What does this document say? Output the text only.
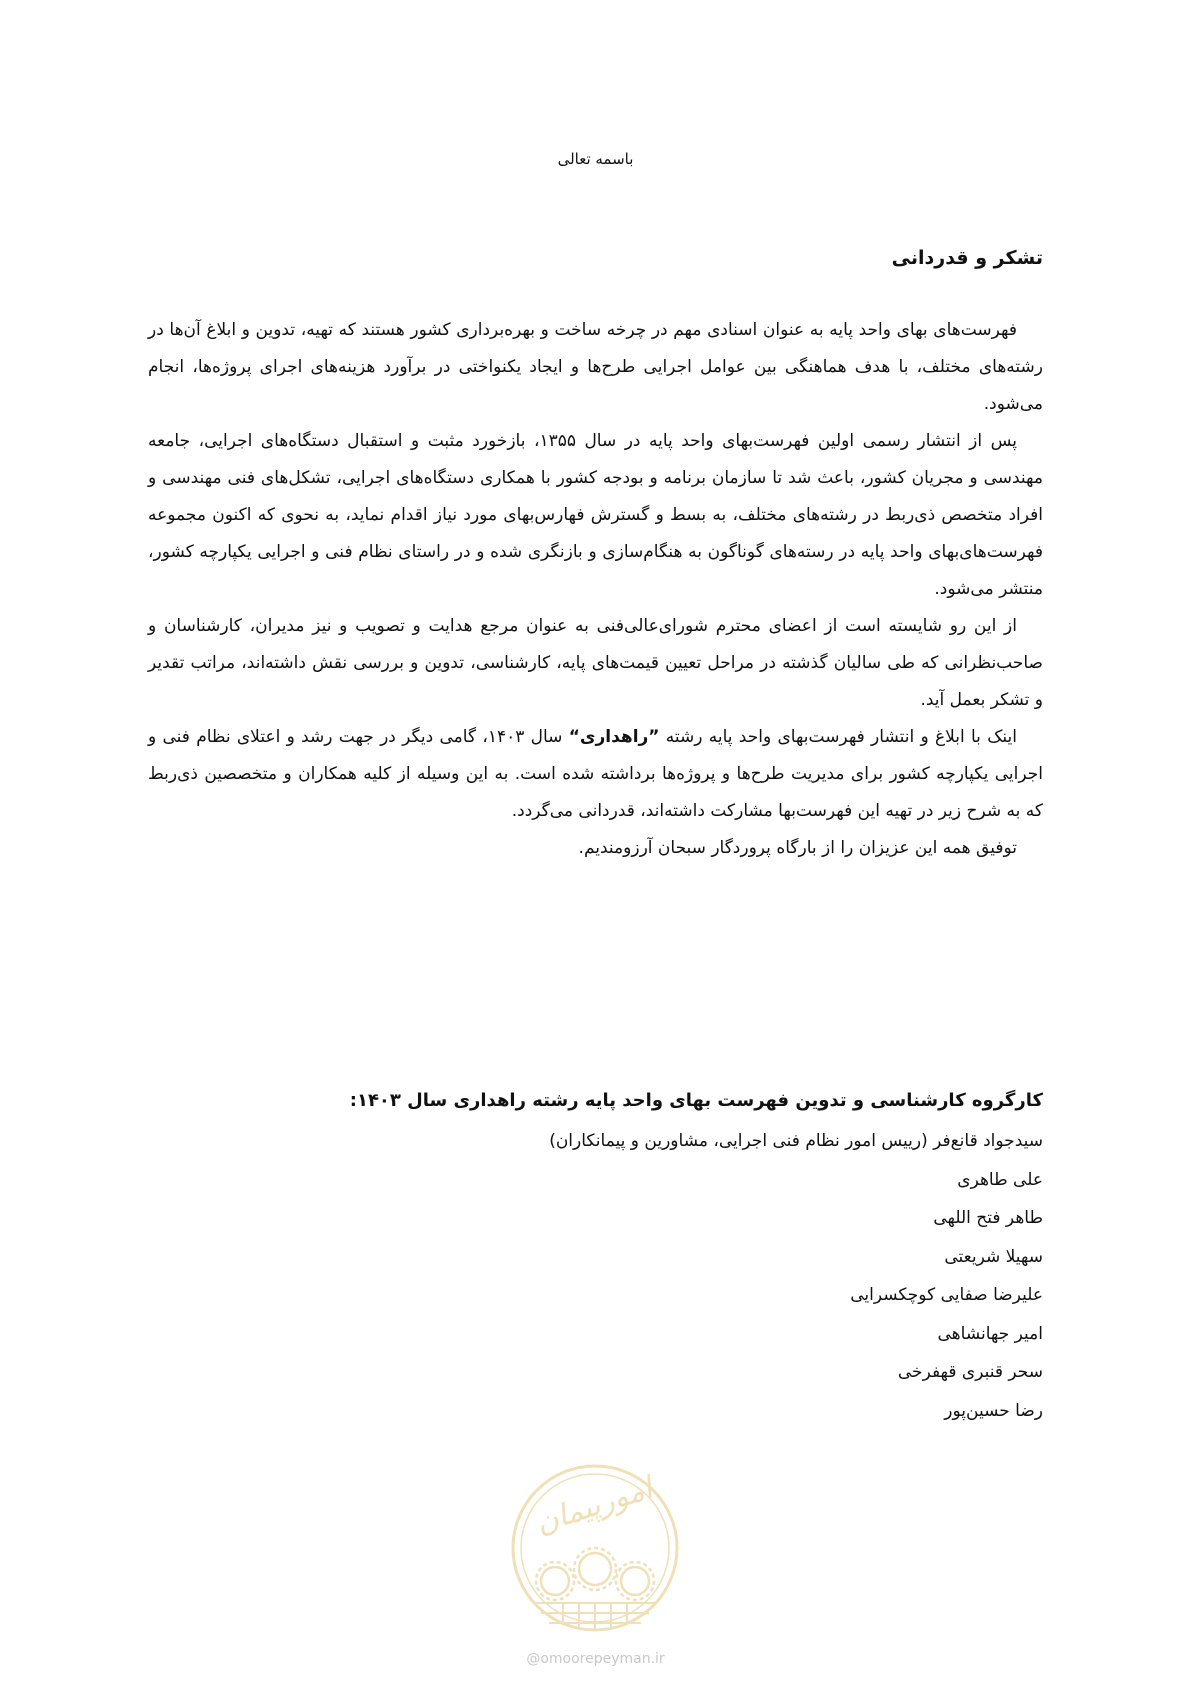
باسمه تعالی
تشکر و قدردانی

فهرست‌های بهای واحد پایه به عنوان اسنادی مهم در چرخه ساخت و بهره‌برداری کشور هستند که تهیه، تدوین و ابلاغ آن‌ها در رشته‌های مختلف، با هدف هماهنگی بین عوامل اجرایی طرح‌ها و ایجاد یکنواختی در برآورد هزینه‌های اجرای پروژه‌ها، انجام می‌شود.

پس از انتشار رسمی اولین فهرست‌بهای واحد پایه در سال ۱۳۵۵، بازخورد مثبت و استقبال دستگاه‌های اجرایی، جامعه مهندسی و مجریان کشور، باعث شد تا سازمان برنامه و بودجه کشور با همکاری دستگاه‌های اجرایی، تشکل‌های فنی مهندسی و افراد متخصص ذی‌ربط در رشته‌های مختلف، به بسط و گسترش فهارس‌بهای مورد نیاز اقدام نماید، به نحوی که اکنون مجموعه فهرست‌های‌بهای واحد پایه در رسته‌های گوناگون به هنگام‌سازی و بازنگری شده و در راستای نظام فنی و اجرایی یکپارچه کشور، منتشر می‌شود.

از این رو شایسته است از اعضای محترم شورای‌عالی‌فنی به عنوان مرجع هدایت و تصویب و نیز مدیران، کارشناسان و صاحب‌نظرانی که طی سالیان گذشته در مراحل تعیین قیمت‌های پایه، کارشناسی، تدوین و بررسی نقش داشته‌اند، مراتب تقدیر و تشکر بعمل آید.

اینک با ابلاغ و انتشار فهرست‌بهای واحد پایه رشته ”راهداری“ سال ۱۴۰۳، گامی دیگر در جهت رشد و اعتلای نظام فنی و اجرایی یکپارچه کشور برای مدیریت طرح‌ها و پروژه‌ها برداشته شده است. به این وسیله از کلیه همکاران و متخصصین ذی‌ربط که به شرح زیر در تهیه این فهرست‌بها مشارکت داشته‌اند، قدردانی می‌گردد.

توفیق همه این عزیزان را از بارگاه پروردگار سبحان آرزومندیم.

کارگروه کارشناسی و تدوین فهرست بهای واحد پایه رشته راهداری سال ۱۴۰۳:
سیدجواد قانع‌فر (رییس امور نظام فنی اجرایی، مشاورین و پیمانکاران)
علی طاهری
طاهر فتح اللهی
سهیلا شریعتی
علیرضا صفایی کوچکسرایی
امیر جهانشاهی
سحر قنبری قهفرخی
رضا حسین‌پور
امورپیمان
@omoorepeyman.ir
